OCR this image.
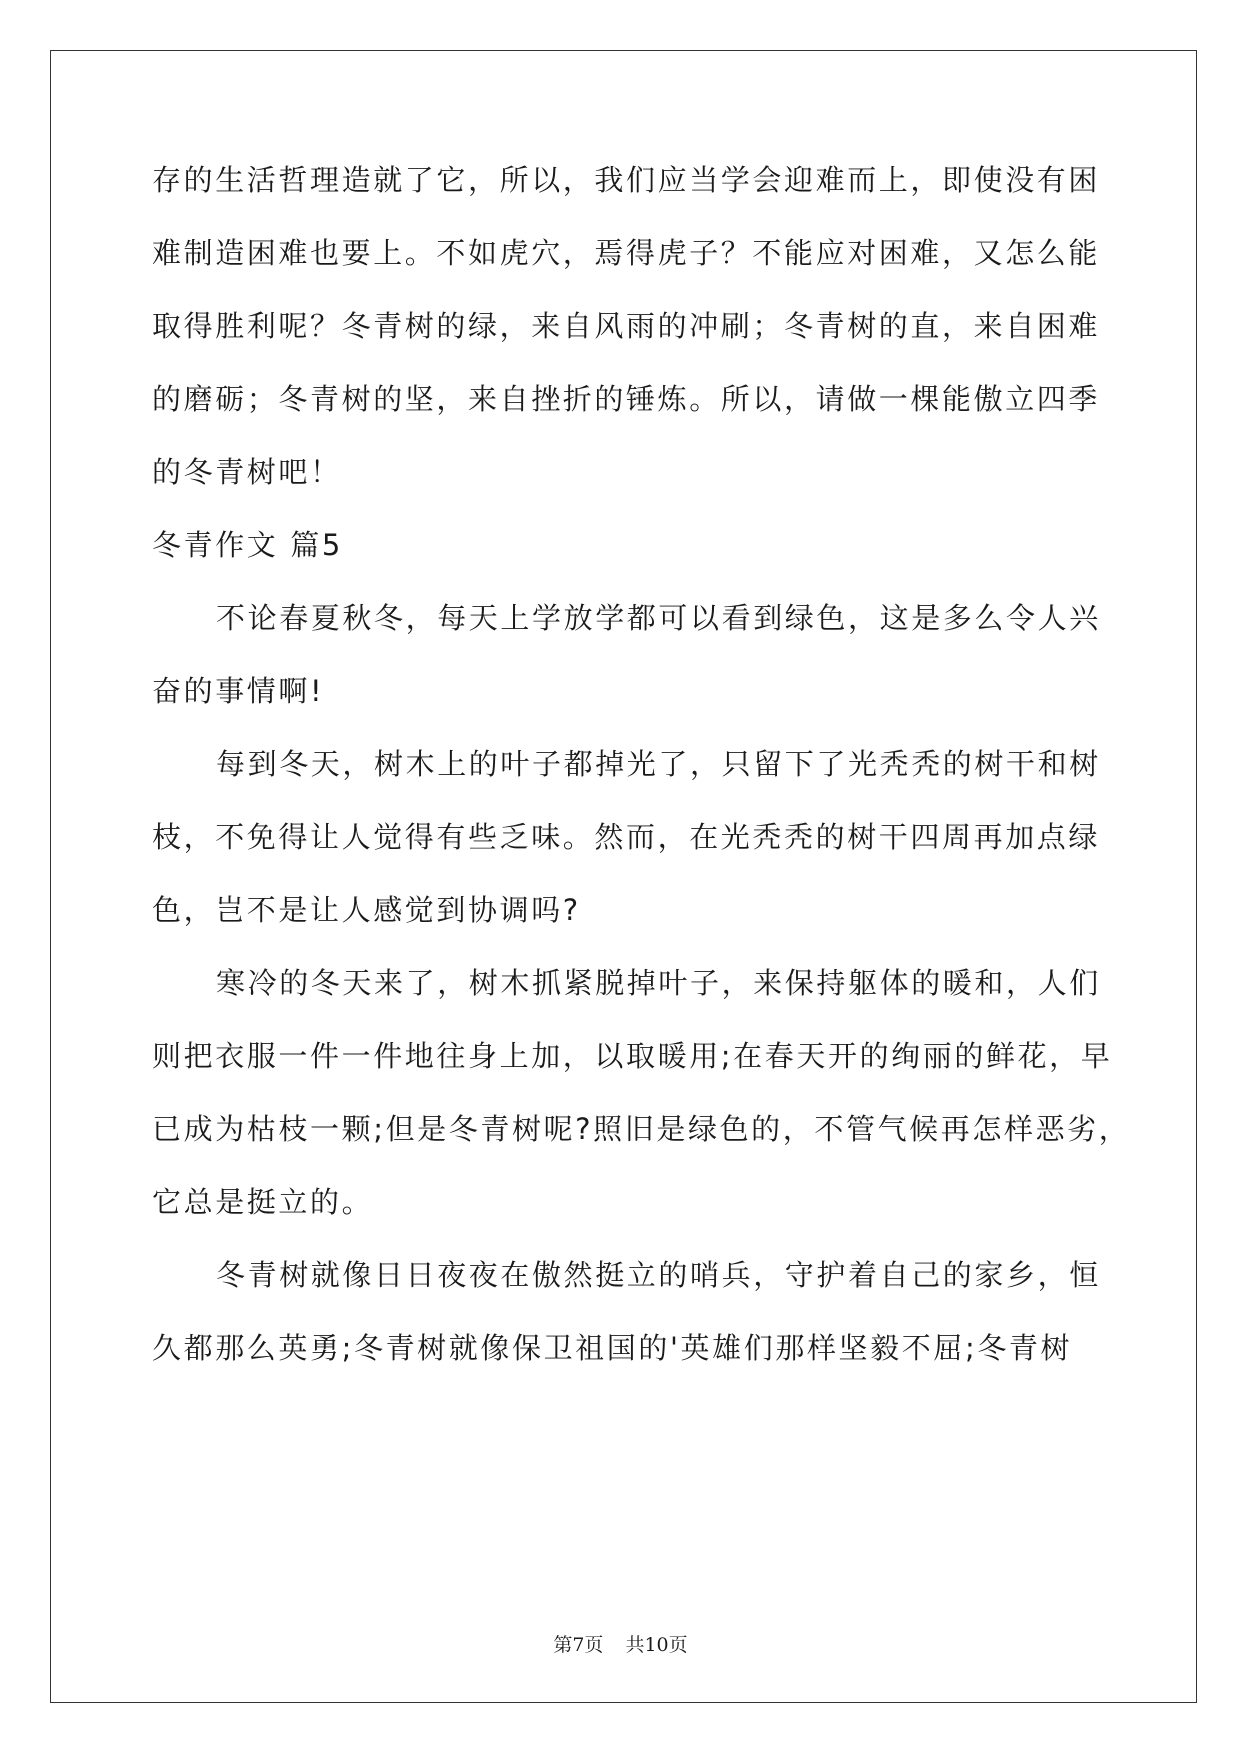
存的生活哲理造就了它，所以，我们应当学会迎难而上，即使没有困
难制造困难也要上。不如虎穴，焉得虎子？不能应对困难，又怎么能
取得胜利呢？冬青树的绿，来自风雨的冲刷；冬青树的直，来自困难
的磨砺；冬青树的坚，来自挫折的锤炼。所以，请做一棵能傲立四季
的冬青树吧！
冬青作文 篇5
不论春夏秋冬，每天上学放学都可以看到绿色，这是多么令人兴
奋的事情啊!
每到冬天，树木上的叶子都掉光了，只留下了光秃秃的树干和树
枝，不免得让人觉得有些乏味。然而，在光秃秃的树干四周再加点绿
色，岂不是让人感觉到协调吗?
寒冷的冬天来了，树木抓紧脱掉叶子，来保持躯体的暖和，人们
则把衣服一件一件地往身上加，以取暖用;在春天开的绚丽的鲜花，早
已成为枯枝一颗;但是冬青树呢?照旧是绿色的，不管气候再怎样恶劣，
它总是挺立的。
冬青树就像日日夜夜在傲然挺立的哨兵，守护着自己的家乡，恒
久都那么英勇;冬青树就像保卫祖国的'英雄们那样坚毅不屈;冬青树
第7页 共10页
